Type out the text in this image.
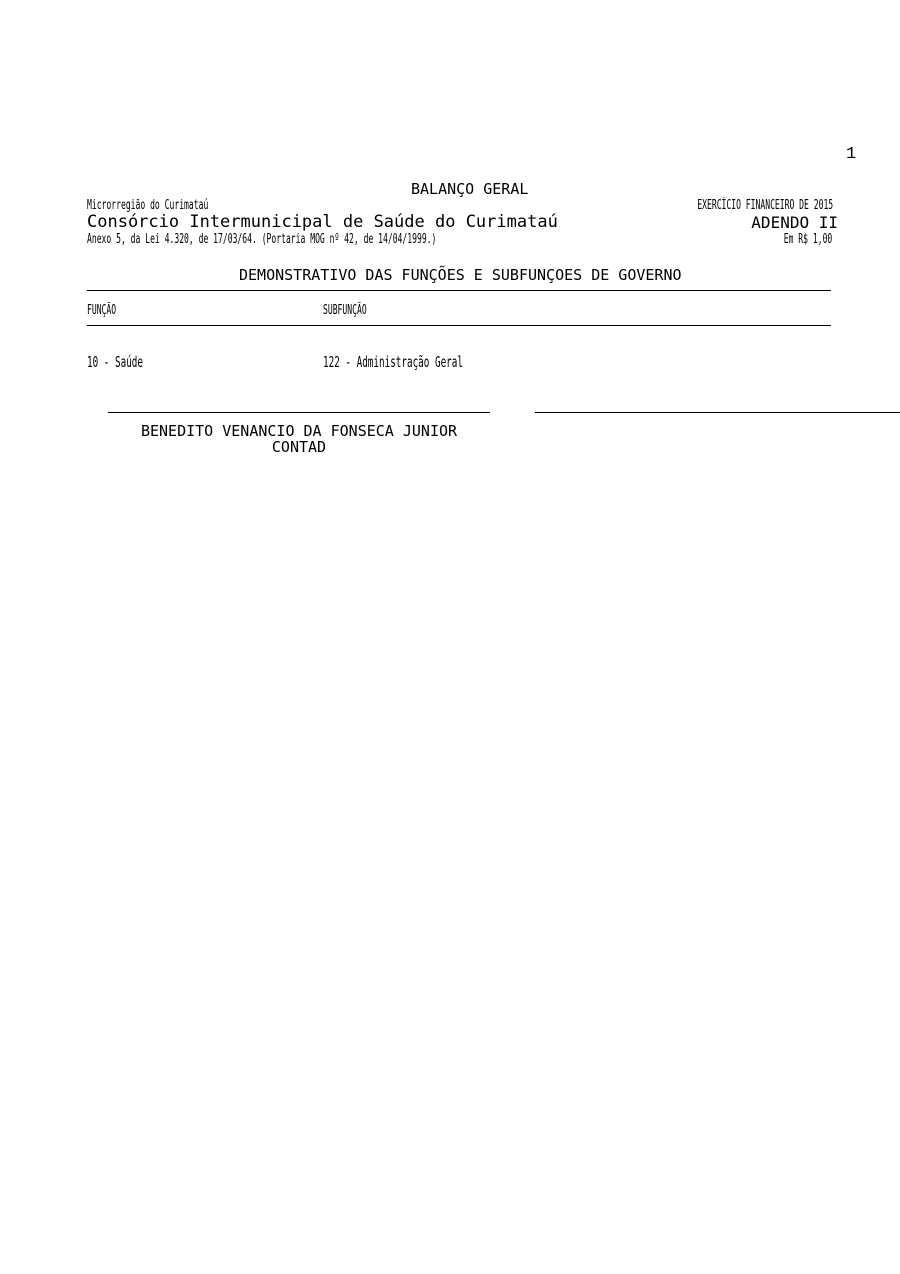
1
BALANÇO GERAL
Microrregião do Curimataú
Consórcio Intermunicipal de Saúde do Curimataú
Anexo 5, da Lei 4.320, de 17/03/64. (Portaria MOG nº 42, de 14/04/1999.)
EXERCÍCIO FINANCEIRO DE 2015
ADENDO II
Em R$ 1,00
DEMONSTRATIVO DAS FUNÇÕES E SUBFUNÇOES DE GOVERNO
FUNÇÃO	SUBFUNÇÃO
10 - Saúde	122 - Administração Geral
BENEDITO VENANCIO DA FONSECA JUNIOR
CONTAD
